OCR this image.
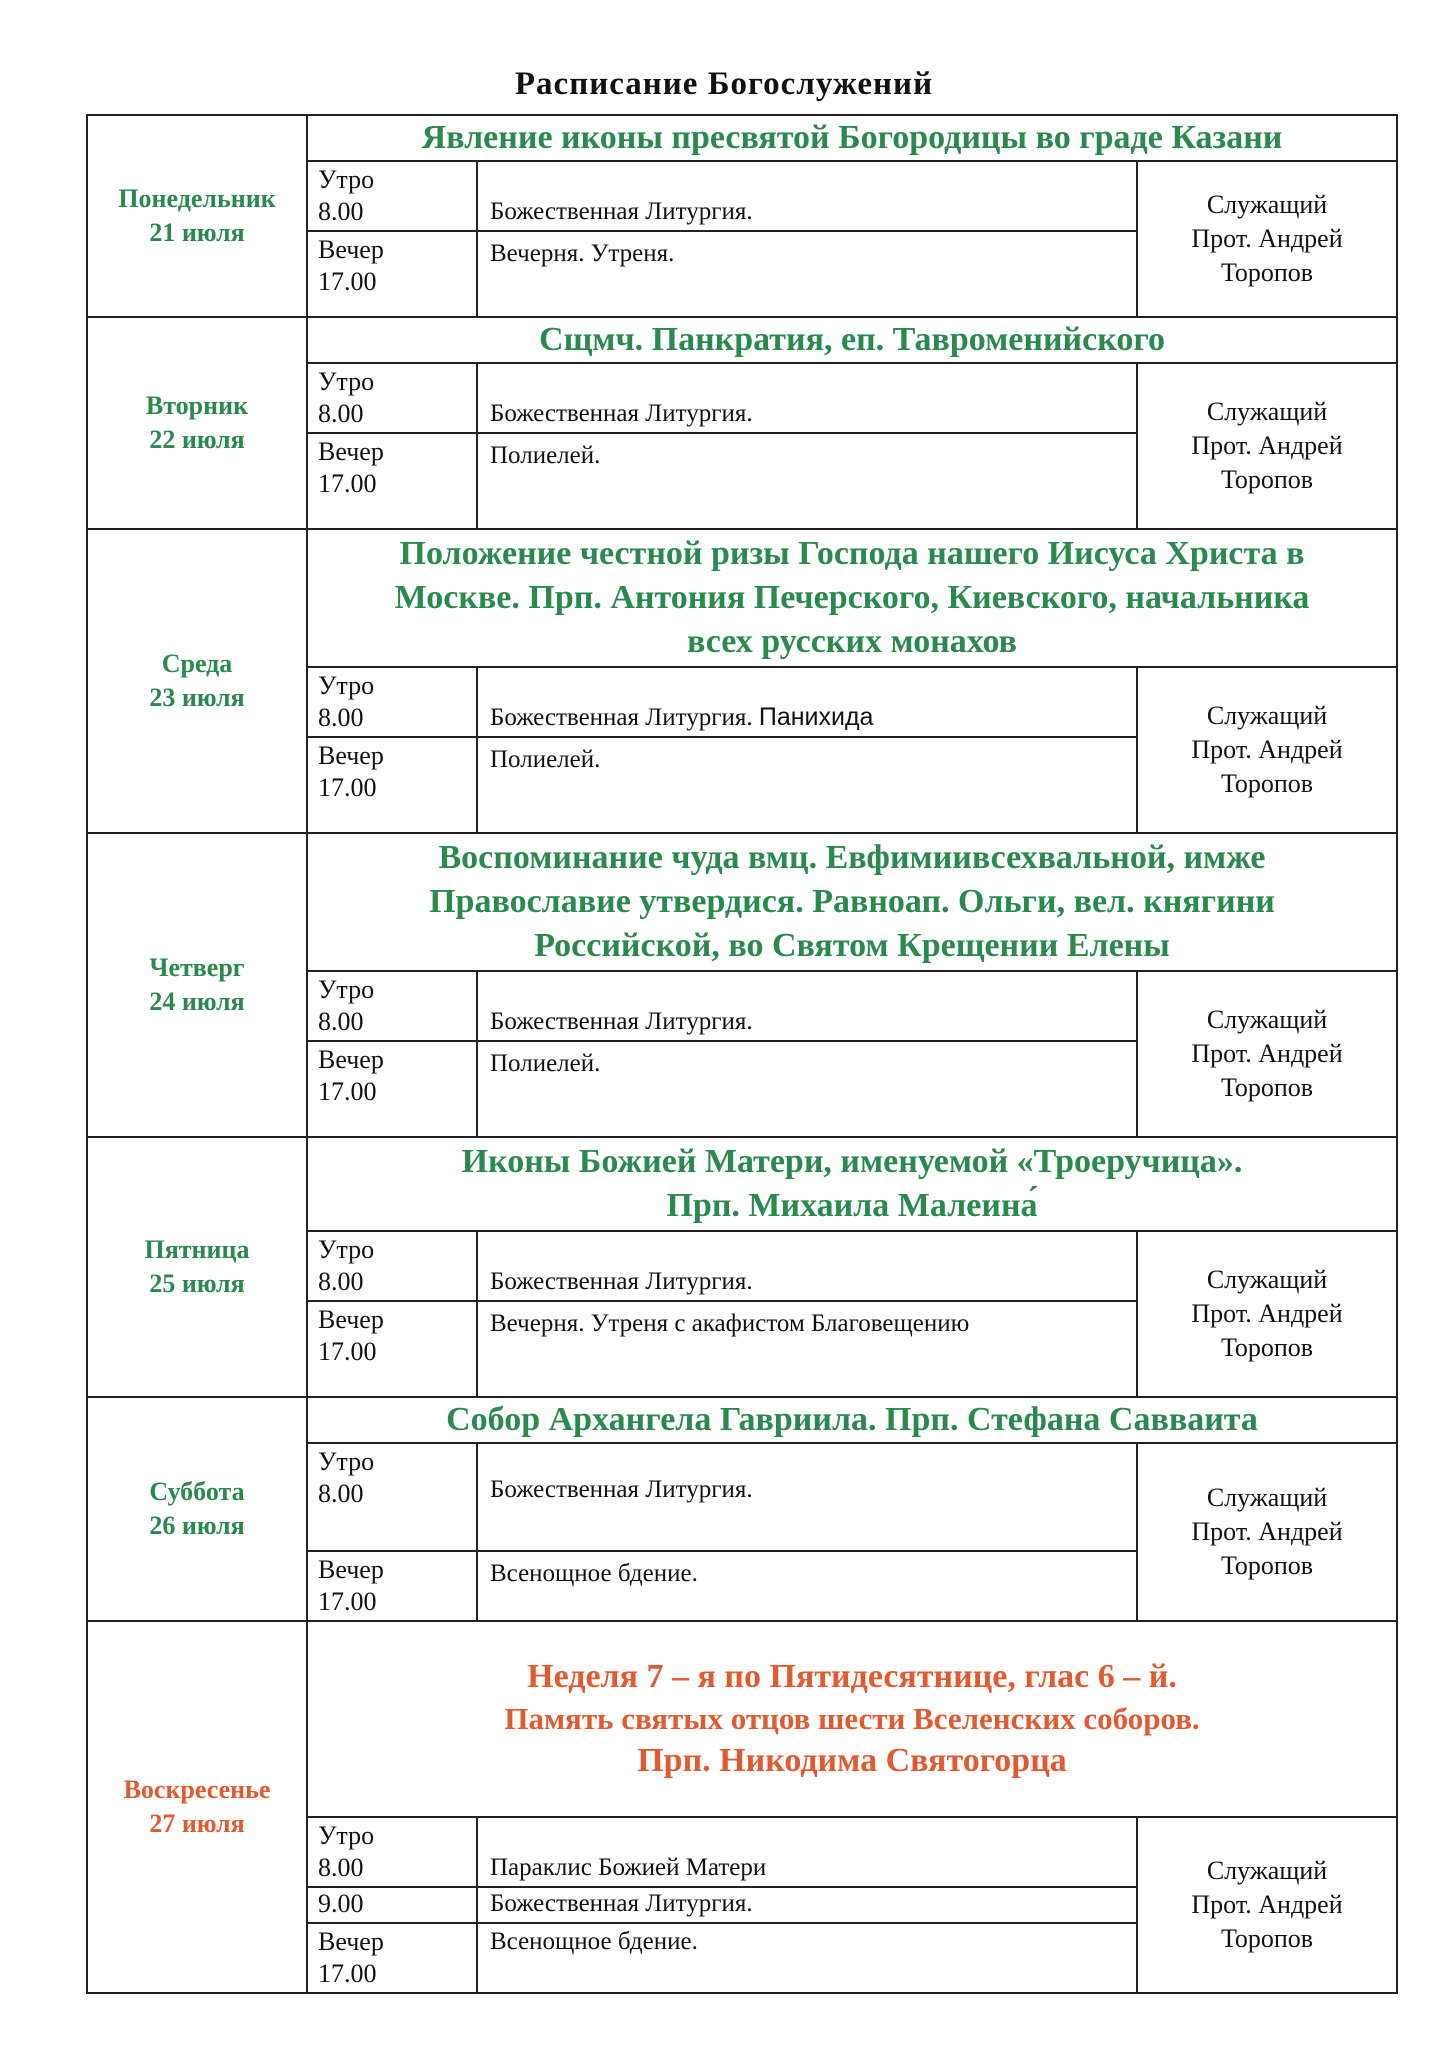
Расписание Богослужений
Понедельник
21 июля	Явление иконы пресвятой Богородицы во граде Казани		

	Утро
8.00	Божественная Литургия.	Служащий
Прот. Андрей
Торопов

	Вечер
17.00	Вечерня. Утреня.	

Вторник
22 июля	Сщмч. Панкратия, еп. Тавроменийского		

	Утро
8.00	Божественная Литургия.	Служащий
Прот. Андрей
Торопов

	Вечер
17.00	Полиелей.	

Среда
23 июля	Положение честной ризы Господа нашего Иисуса Христа в
Москве. Прп. Антония Печерского, Киевского, начальника
всех русских монахов		

	Утро
8.00	Божественная Литургия. Панихида	Служащий
Прот. Андрей
Торопов

	Вечер
17.00	Полиелей.	

Четверг
24 июля	Воспоминание чуда вмц. Евфимиивсехвальной, имже
Православие утвердися. Равноап. Ольги, вел. княгини
Российской, во Святом Крещении Елены		

	Утро
8.00	Божественная Литургия.	Служащий
Прот. Андрей
Торопов

	Вечер
17.00	Полиелей.	

Пятница
25 июля	Иконы Божией Матери, именуемой «Троеручица».
Прп. Михаила Малеина́		

	Утро
8.00	Божественная Литургия.	Служащий
Прот. Андрей
Торопов

	Вечер
17.00	Вечерня. Утреня с акафистом Благовещению	

Суббота
26 июля	Собор Архангела Гавриила. Прп. Стефана Савваита		

	Утро
8.00	Божественная Литургия.	Служащий
Прот. Андрей
Торопов

	Вечер
17.00	Всенощное бдение.	

Воскресенье
27 июля	Неделя 7 – я по Пятидесятнице, глас 6 – й.
Память святых отцов шести Вселенских соборов.
Прп. Никодима Святогорца		

	Утро
8.00	Параклис Божией Матери	Служащий
Прот. Андрей
Торопов

	9.00	Божественная Литургия.	

	Вечер
17.00	Всенощное бдение.	
